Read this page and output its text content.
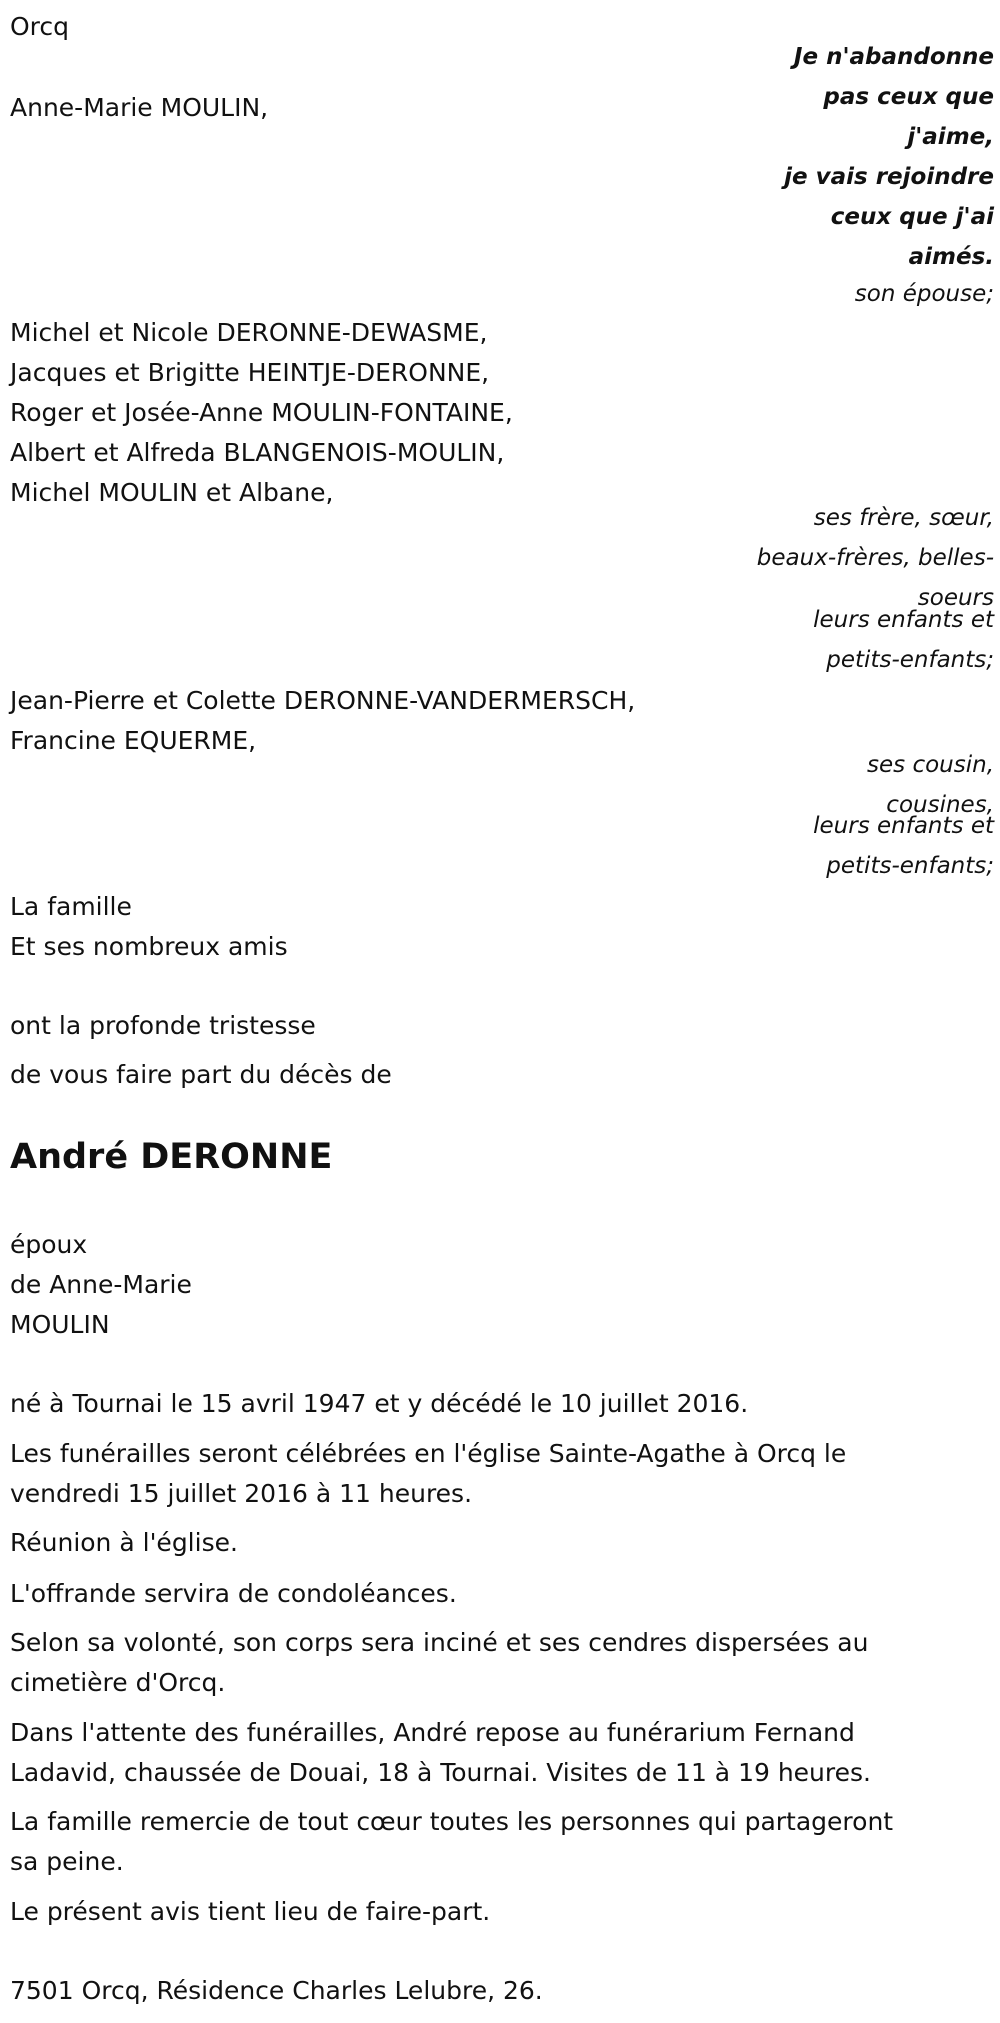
Orcq

Je n'abandonne

pas ceux que

j'aime,

je vais rejoindre

ceux que j'ai

aimés.

Anne-Marie MOULIN,

son épouse;

Michel et Nicole DERONNE-DEWASME,

Jacques et Brigitte HEINTJE-DERONNE,

Roger et Josée-Anne MOULIN-FONTAINE,

Albert et Alfreda BLANGENOIS-MOULIN,

Michel MOULIN et Albane,

ses frère, sœur,

beaux-frères, belles-

soeurs

leurs enfants et

petits-enfants;

Jean-Pierre et Colette DERONNE-VANDERMERSCH,

Francine EQUERME,

ses cousin,

cousines,

leurs enfants et

petits-enfants;

La famille

Et ses nombreux amis

ont la profonde tristesse

de vous faire part du décès de

André DERONNE

époux

de Anne-Marie

MOULIN

né à Tournai le 15 avril 1947 et y décédé le 10 juillet 2016.

Les funérailles seront célébrées en l'église Sainte-Agathe à Orcq le

vendredi 15 juillet 2016 à 11 heures.

Réunion à l'église.

L'offrande servira de condoléances.

Selon sa volonté, son corps sera inciné et ses cendres dispersées au

cimetière d'Orcq.

Dans l'attente des funérailles, André repose au funérarium Fernand

Ladavid, chaussée de Douai, 18 à Tournai. Visites de 11 à 19 heures.

La famille remercie de tout cœur toutes les personnes qui partageront

sa peine.

Le présent avis tient lieu de faire-part.

7501 Orcq, Résidence Charles Lelubre, 26.
